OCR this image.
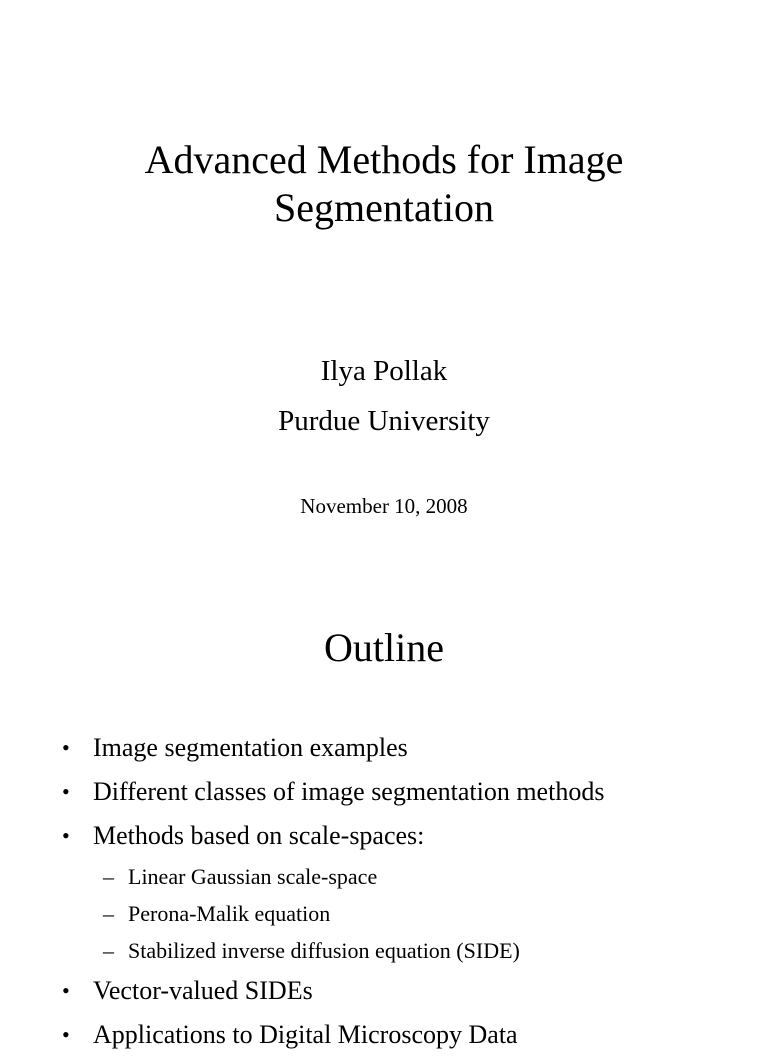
Advanced Methods for Image
Segmentation
Ilya Pollak
Purdue University
November 10, 2008
Outline
• Image segmentation examples
• Different classes of image segmentation methods
• Methods based on scale-spaces:
– Linear Gaussian scale-space
– Perona-Malik equation
– Stabilized inverse diffusion equation (SIDE)
• Vector-valued SIDEs
• Applications to Digital Microscopy Data
